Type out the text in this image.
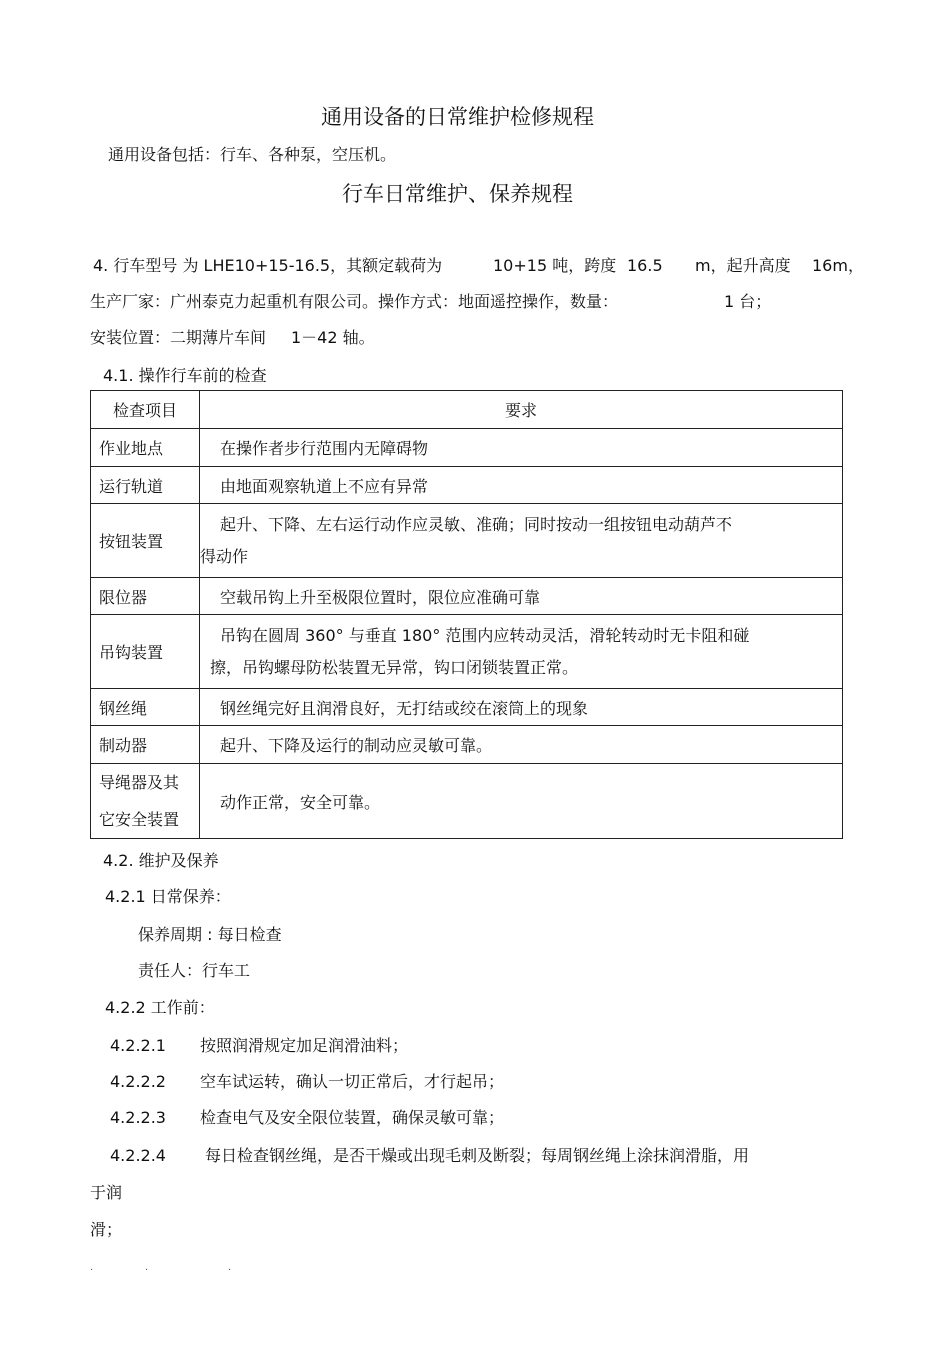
通用设备的日常维护检修规程
通用设备包括：行车、各种泵，空压机。
行车日常维护、保养规程
4. 行车型号 为 LHE10+15-16.5，其额定载荷为	10+15 吨，跨度 16.5 m，起升高度 16m，
生产厂家：广州泰克力起重机有限公司。操作方式：地面遥控操作，数量：	1 台；
安装位置：二期薄片车间 1－42 轴。
4.1. 操作行车前的检查
检查项目	要求
作业地点	在操作者步行范围内无障碍物
运行轨道	由地面观察轨道上不应有异常
按钮装置	起升、下降、左右运行动作应灵敏、准确；同时按动一组按钮电动葫芦不
得动作

限位器	空载吊钩上升至极限位置时，限位应准确可靠
吊钩装置	吊钩在圆周 360° 与垂直 180° 范围内应转动灵活，滑轮转动时无卡阻和碰
擦，吊钩螺母防松装置无异常，钩口闭锁装置正常。

钢丝绳	钢丝绳完好且润滑良好，无打结或绞在滚筒上的现象
制动器	起升、下降及运行的制动应灵敏可靠。

导绳器及其
它安全装置	动作正常，安全可靠。
4.2. 维护及保养
4.2.1 日常保养：
保养周期 : 每日检查
责任人：行车工
4.2.2 工作前：
4.2.2.1 按照润滑规定加足润滑油料；
4.2.2.2 空车试运转，确认一切正常后，才行起吊；
4.2.2.3 检查电气及安全限位装置，确保灵敏可靠；
4.2.2.4 每日检查钢丝绳，是否干燥或出现毛刺及断裂；每周钢丝绳上涂抹润滑脂，用
于润
滑；
.	.	.
